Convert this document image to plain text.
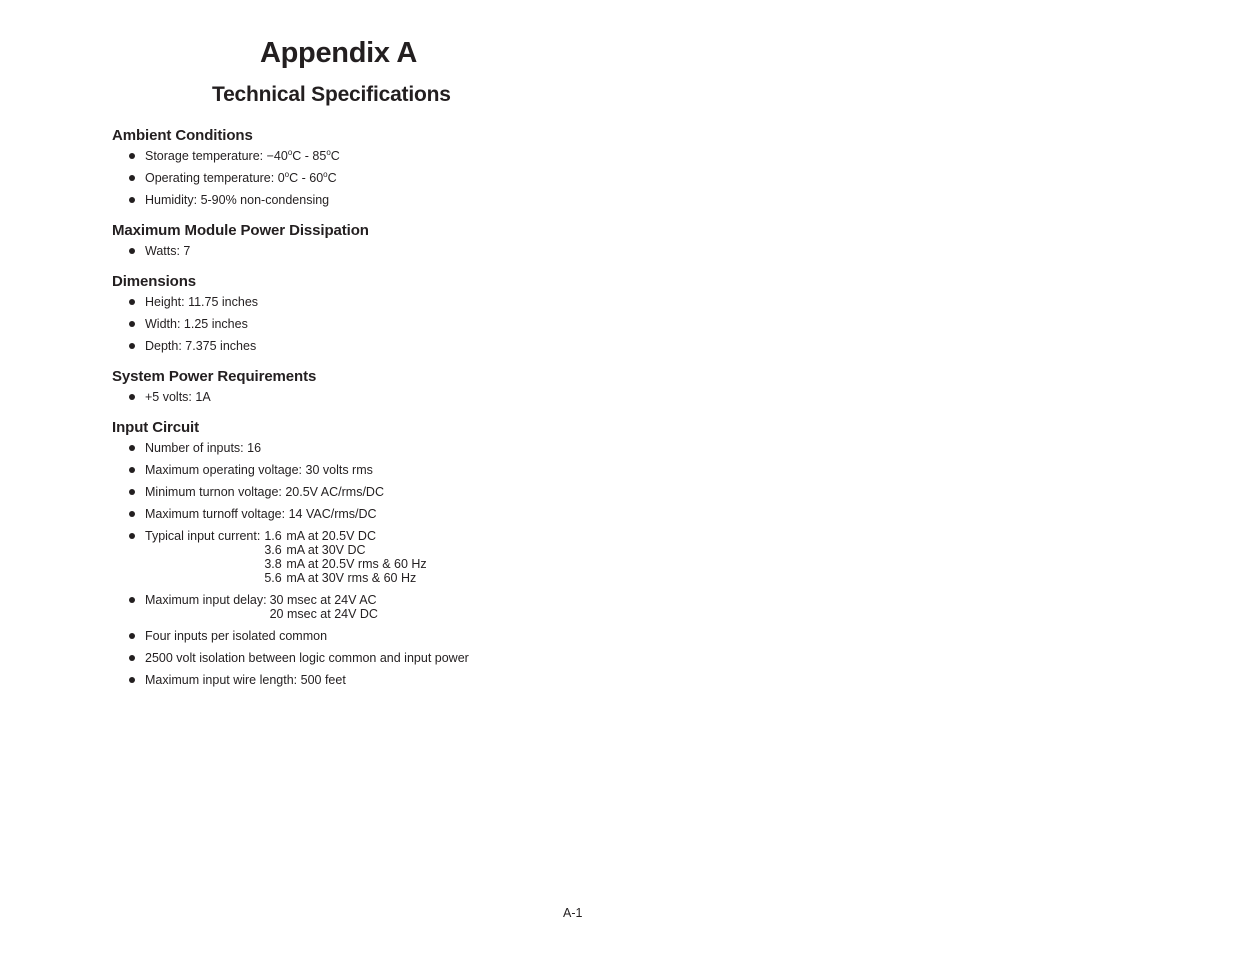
Appendix A
Technical Specifications
Ambient Conditions
Storage temperature: $-40^oC - 85^oC$
Operating temperature: 0$^o$C - 60$^o$C
Humidity: 5-90% non-condensing
Maximum Module Power Dissipation
Watts: 7
Dimensions
Height: 11.75 inches
Width: 1.25 inches
Depth: 7.375 inches
System Power Requirements
+5 volts: 1A
Input Circuit
Number of inputs: 16
Maximum operating voltage: 30 volts rms
Minimum turnon voltage: 20.5V AC/rms/DC
Maximum turnoff voltage: 14 VAC/rms/DC
Typical input current: 1.6 mA at 20.5V DC
3.6 mA at 30V DC
3.8 mA at 20.5V rms & 60 Hz
5.6 mA at 30V rms & 60 Hz
Maximum input delay: 30 msec at 24V AC
20 msec at 24V DC
Four inputs per isolated common
2500 volt isolation between logic common and input power
Maximum input wire length: 500 feet
A-1
